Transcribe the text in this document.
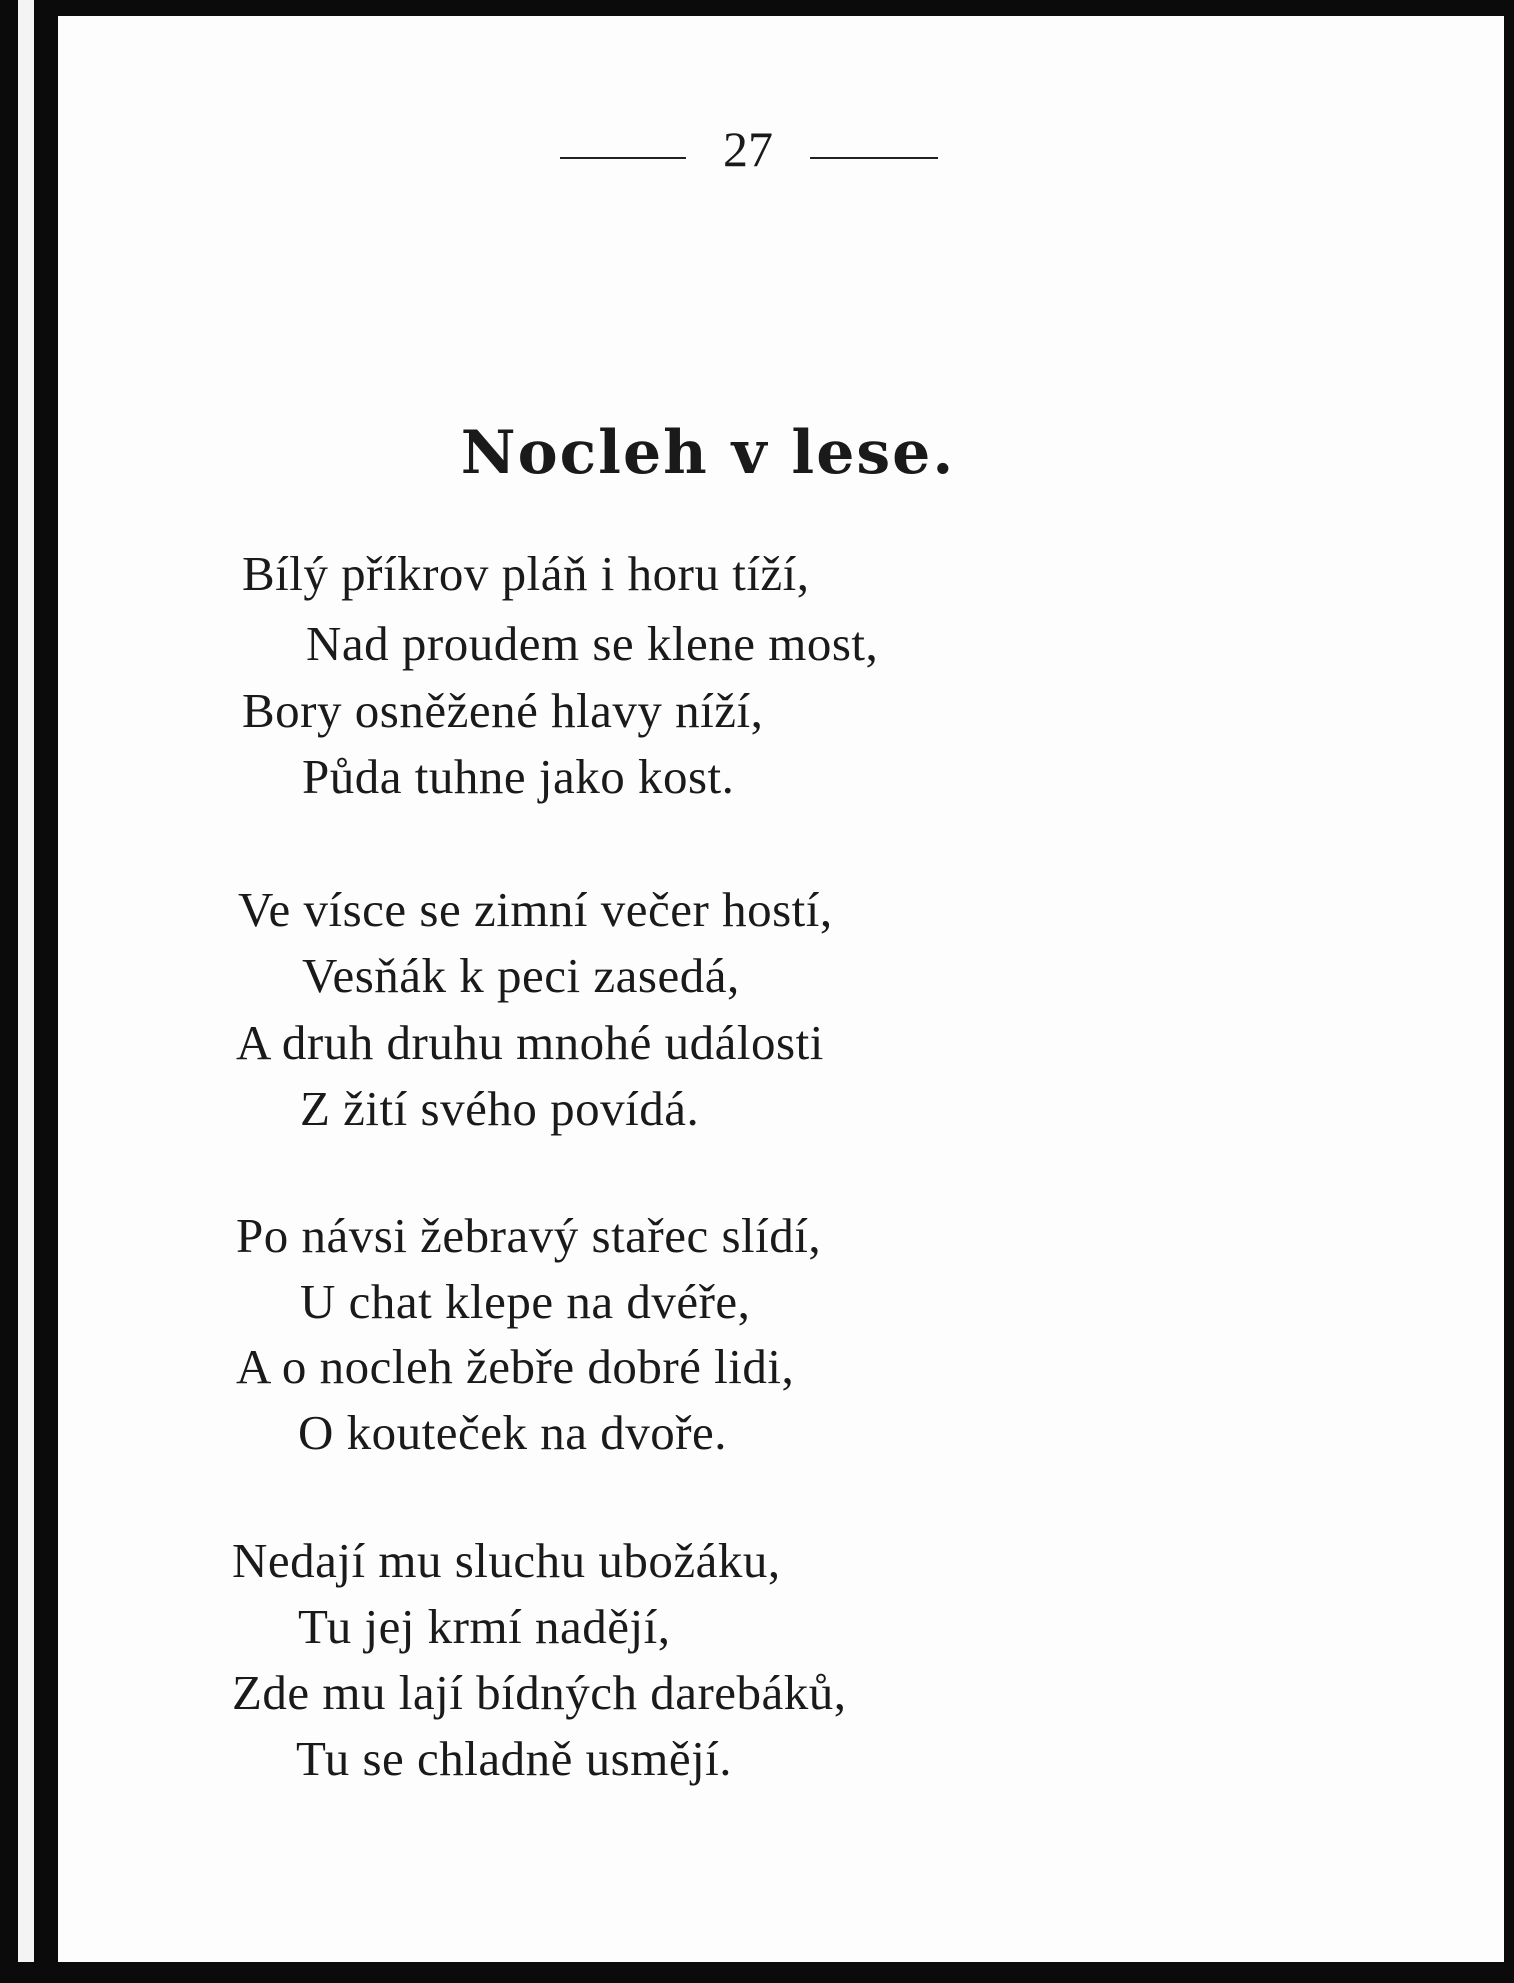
27
Nocleh v lese.
Bílý příkrov pláň i horu tíží,
Nad proudem se klene most,
Bory osněžené hlavy níží,
Půda tuhne jako kost.
Ve vísce se zimní večer hostí,
Vesňák k peci zasedá,
A druh druhu mnohé události
Z žití svého povídá.
Po návsi žebravý stařec slídí,
U chat klepe na dvéře,
A o nocleh žebře dobré lidi,
O kouteček na dvoře.
Nedají mu sluchu ubožáku,
Tu jej krmí nadějí,
Zde mu lají bídných darebáků,
Tu se chladně usmějí.
